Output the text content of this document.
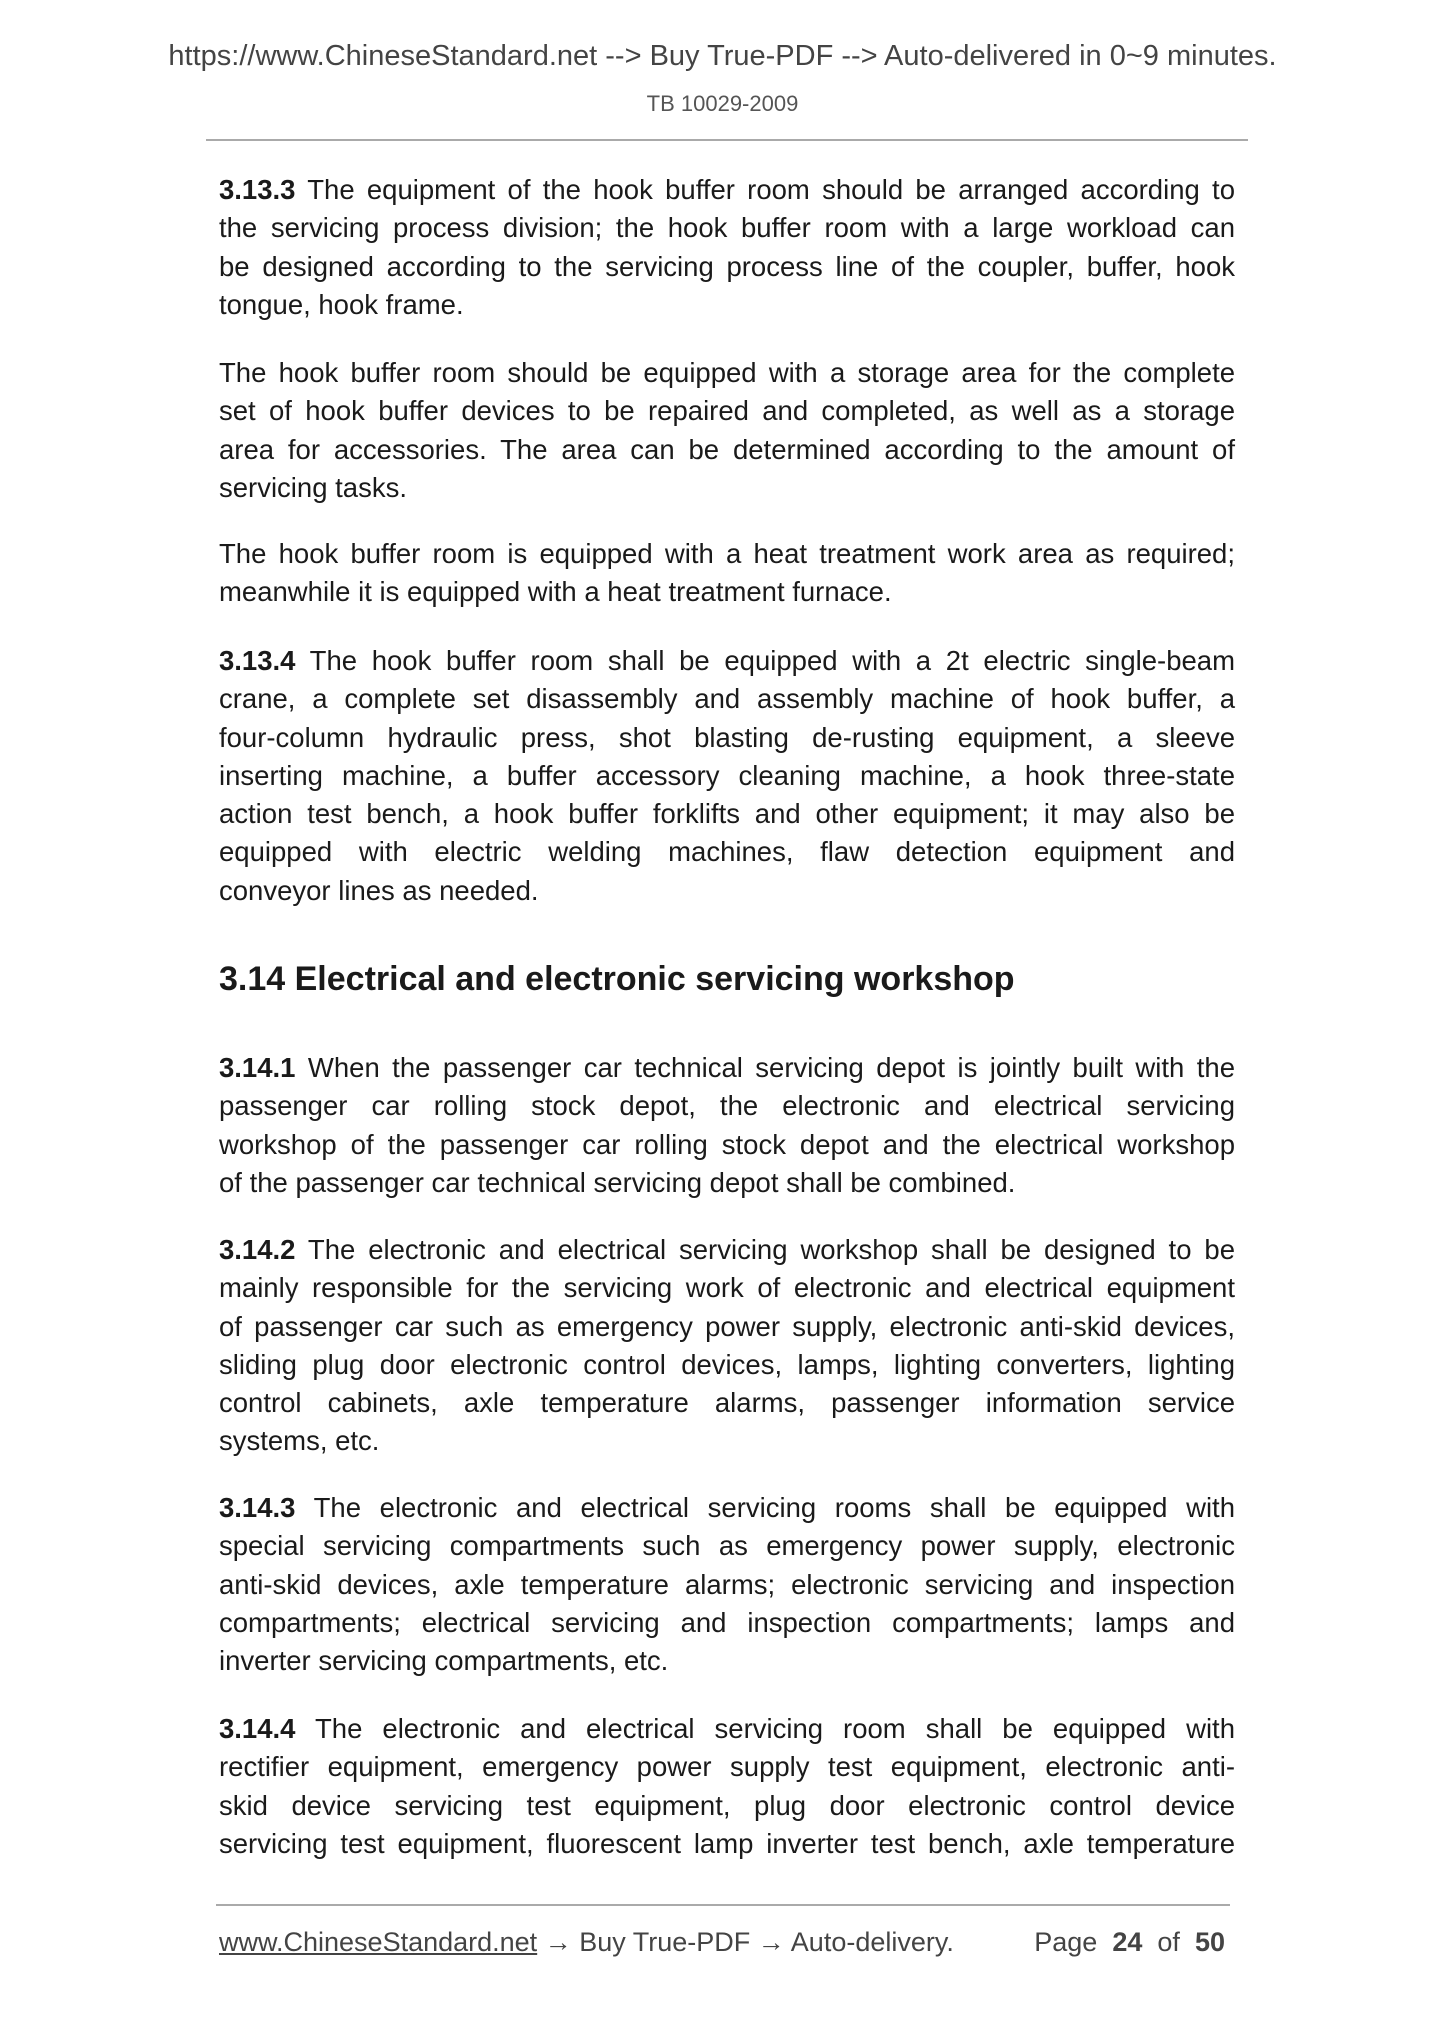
https://www.ChineseStandard.net --> Buy True-PDF --> Auto-delivered in 0~9 minutes.
TB 10029-2009
3.13.3 The equipment of the hook buffer room should be arranged according to
the servicing process division; the hook buffer room with a large workload can
be designed according to the servicing process line of the coupler, buffer, hook
tongue, hook frame.
The hook buffer room should be equipped with a storage area for the complete
set of hook buffer devices to be repaired and completed, as well as a storage
area for accessories. The area can be determined according to the amount of
servicing tasks.
The hook buffer room is equipped with a heat treatment work area as required;
meanwhile it is equipped with a heat treatment furnace.
3.13.4 The hook buffer room shall be equipped with a 2t electric single-beam
crane, a complete set disassembly and assembly machine of hook buffer, a
four-column hydraulic press, shot blasting de-rusting equipment, a sleeve
inserting machine, a buffer accessory cleaning machine, a hook three-state
action test bench, a hook buffer forklifts and other equipment; it may also be
equipped with electric welding machines, flaw detection equipment and
conveyor lines as needed.
3.14.1 When the passenger car technical servicing depot is jointly built with the
passenger car rolling stock depot, the electronic and electrical servicing
workshop of the passenger car rolling stock depot and the electrical workshop
of the passenger car technical servicing depot shall be combined.
3.14.2 The electronic and electrical servicing workshop shall be designed to be
mainly responsible for the servicing work of electronic and electrical equipment
of passenger car such as emergency power supply, electronic anti-skid devices,
sliding plug door electronic control devices, lamps, lighting converters, lighting
control cabinets, axle temperature alarms, passenger information service
systems, etc.
3.14.3 The electronic and electrical servicing rooms shall be equipped with
special servicing compartments such as emergency power supply, electronic
anti-skid devices, axle temperature alarms; electronic servicing and inspection
compartments; electrical servicing and inspection compartments; lamps and
inverter servicing compartments, etc.
3.14.4 The electronic and electrical servicing room shall be equipped with
rectifier equipment, emergency power supply test equipment, electronic anti-
skid device servicing test equipment, plug door electronic control device
servicing test equipment, fluorescent lamp inverter test bench, axle temperature
3.14 Electrical and electronic servicing workshop
www.ChineseStandard.net → Buy True-PDF → Auto-delivery.	Page 24 of 50
